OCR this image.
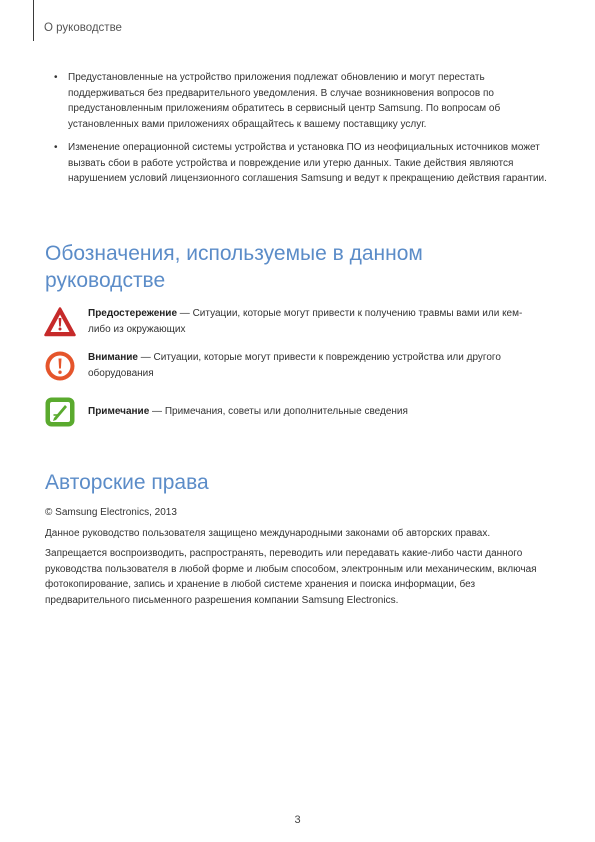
О руководстве
• Предустановленные на устройство приложения подлежат обновлению и могут перестать поддерживаться без предварительного уведомления. В случае возникновения вопросов по предустановленным приложениям обратитесь в сервисный центр Samsung. По вопросам об установленных вами приложениях обращайтесь к вашему поставщику услуг.
• Изменение операционной системы устройства и установка ПО из неофициальных источников может вызвать сбои в работе устройства и повреждение или утерю данных. Такие действия являются нарушением условий лицензионного соглашения Samsung и ведут к прекращению действия гарантии.
Обозначения, используемые в данном руководстве
Предостережение — Ситуации, которые могут привести к получению травмы вами или кем-либо из окружающих
Внимание — Ситуации, которые могут привести к повреждению устройства или другого оборудования
Примечание — Примечания, советы или дополнительные сведения
Авторские права

© Samsung Electronics, 2013

Данное руководство пользователя защищено международными законами об авторских правах.

Запрещается воспроизводить, распространять, переводить или передавать какие-либо части данного руководства пользователя в любой форме и любым способом, электронным или механическим, включая фотокопирование, запись и хранение в любой системе хранения и поиска информации, без предварительного письменного разрешения компании Samsung Electronics.

3
